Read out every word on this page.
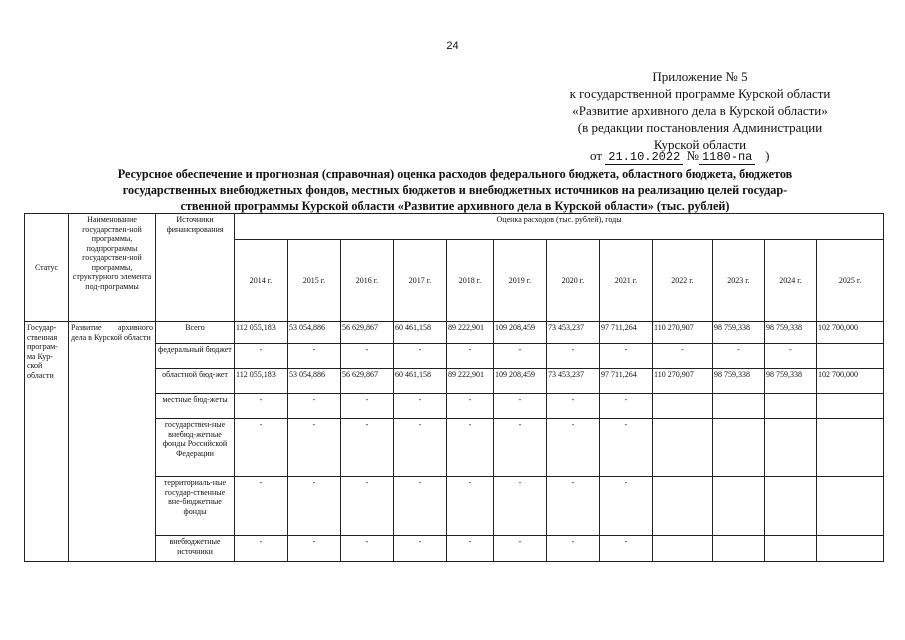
24
Приложение № 5
к государственной программе Курской области
«Развитие архивного дела в Курской области»
(в редакции постановления Администрации
Курской области
от 21.10.2022 № 1180-па )
Ресурсное обеспечение и прогнозная (справочная) оценка расходов федерального бюджета, областного бюджета, бюджетов
государственных внебюджетных фондов, местных бюджетов и внебюджетных источников на реализацию целей государ-
ственной программы Курской области «Развитие архивного дела в Курской области» (тыс. рублей)
Статус	Наименование государствен-ной программы, подпрограммы государствен-ной программы, структурного элемента под-программы	Источники финансирования	Оценка расходов (тыс. рублей), годы											
			2014 г.	2015 г.	2016 г.	2017 г.	2018 г.	2019 г.	2020 г.	2021 г.	2022 г.	2023 г.	2024 г.	2025 г.
Государ-ственная програм-ма Кур-ской области	Развитие архивного дела в Курской области	Всего	112 055,183	53 054,886	56 629,867	60 461,158	89 222,901	109 208,459	73 453,237	97 711,264	110 270,907	98 759,338	98 759,338	102 700,000
		федеральный бюджет	-	-	-	-	-	-	-	-	-	-	-	
		областной бюд-жет	112 055,183	53 054,886	56 629,867	60 461,158	89 222,901	109 208,459	73 453,237	97 711,264	110 270,907	98 759,338	98 759,338	102 700,000
		местные бюд-жеты	-	-	-	-	-	-	-	-				
		государствен-ные внебюд-жетные фонды Российской Федерации	-	-	-	-	-	-	-	-				
		территориаль-ные государ-ственные вне-бюджетные фонды	-	-	-	-	-	-	-	-				
		внебюджетные источники	-	-	-	-	-	-	-	-				
